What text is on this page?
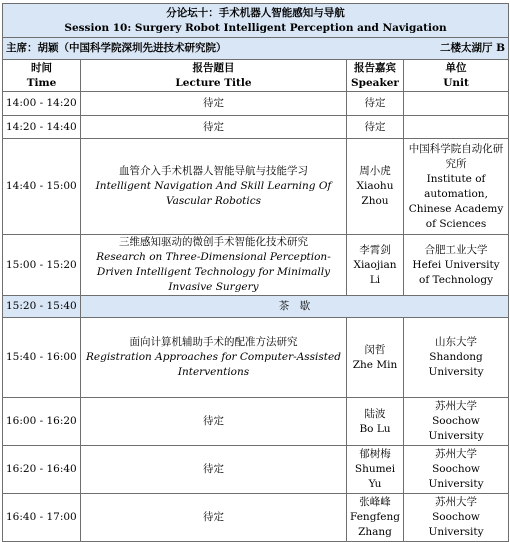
分论坛十：手术机器人智能感知与导航
Session 10: Surgery Robot Intelligent Perception and Navigation			

主席：胡颖（中国科学院深圳先进技术研究院） 二楼太湖厅 B			

时间
Time	报告题目
Lecture Title	报告嘉宾
Speaker	单位
Unit

14:00 - 14:20	待定	待定	
14:20 - 14:40	待定	待定	
14:40 - 15:00	血管介入手术机器人智能导航与技能学习
Intelligent Navigation And Skill Learning Of Vascular Robotics	周小虎
Xiaohu Zhou	中国科学院自动化研究所
Institute of automation, Chinese Academy of Sciences

15:00 - 15:20	三维感知驱动的微创手术智能化技术研究
Research on Three-Dimensional Perception-Driven Intelligent Technology for Minimally Invasive Surgery	李霄剑
Xiaojian Li	合肥工业大学
Hefei University of Technology

15:20 - 15:40	茶　歇		
15:40 - 16:00	面向计算机辅助手术的配准方法研究
Registration Approaches for Computer-Assisted Interventions	闵哲
Zhe Min	山东大学
Shandong University

16:00 - 16:20	待定	陆波
Bo Lu	苏州大学
Soochow University

16:20 - 16:40	待定	郁树梅
Shumei Yu	苏州大学
Soochow University

16:40 - 17:00	待定	张峰峰
Fengfeng Zhang	苏州大学
Soochow University
